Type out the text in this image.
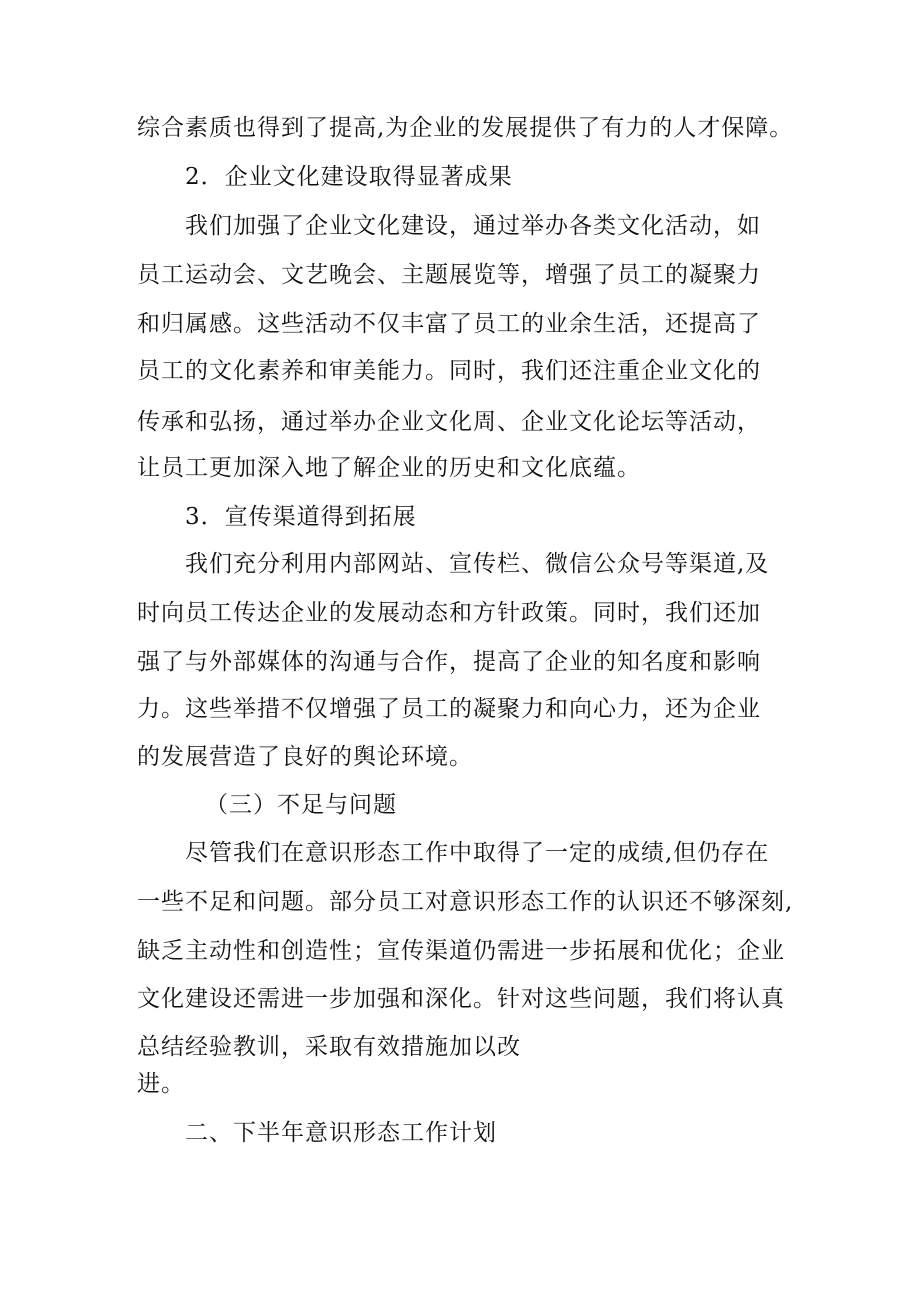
综合素质也得到了提高,为企业的发展提供了有力的人才保障。
2．企业文化建设取得显著成果
我们加强了企业文化建设，通过举办各类文化活动，如
员工运动会、文艺晚会、主题展览等，增强了员工的凝聚力
和归属感。这些活动不仅丰富了员工的业余生活，还提高了
员工的文化素养和审美能力。同时，我们还注重企业文化的
传承和弘扬，通过举办企业文化周、企业文化论坛等活动，
让员工更加深入地了解企业的历史和文化底蕴。
3．宣传渠道得到拓展
我们充分利用内部网站、宣传栏、微信公众号等渠道,及
时向员工传达企业的发展动态和方针政策。同时，我们还加
强了与外部媒体的沟通与合作，提高了企业的知名度和影响
力。这些举措不仅增强了员工的凝聚力和向心力，还为企业
的发展营造了良好的舆论环境。
（三）不足与问题
尽管我们在意识形态工作中取得了一定的成绩,但仍存在
一些不足和问题。部分员工对意识形态工作的认识还不够深刻,
缺乏主动性和创造性；宣传渠道仍需进一步拓展和优化；企业
文化建设还需进一步加强和深化。针对这些问题，我们将认真
总结经验教训，采取有效措施加以改
进。
二、下半年意识形态工作计划
